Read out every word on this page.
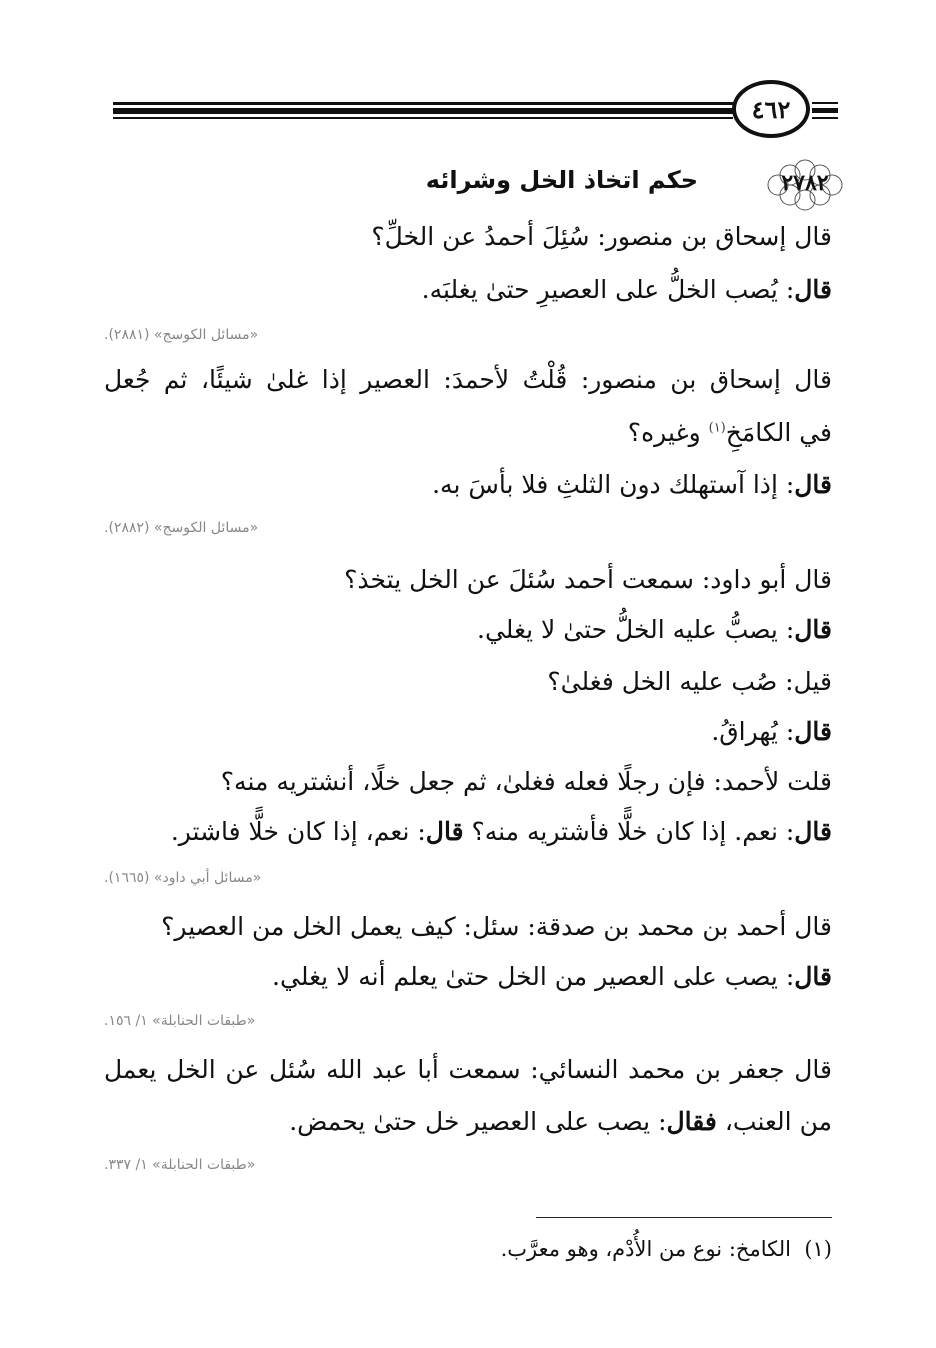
٤٦٢
٢٧٨٢
حكم اتخاذ الخل وشرائه
قال إسحاق بن منصور: سُئِلَ أحمدُ عن الخلِّ؟
قال: يُصب الخلُّ على العصيرِ حتىٰ يغلبَه.
«مسائل الكوسج» (٢٨٨١).
قال إسحاق بن منصور: قُلْتُ لأحمدَ: العصير إذا غلىٰ شيئًا، ثم جُعل
في الكامَخِ$^{(١)}$ وغيره؟
قال: إذا آستهلك دون الثلثِ فلا بأسَ به.
«مسائل الكوسج» (٢٨٨٢).
قال أبو داود: سمعت أحمد سُئلَ عن الخل يتخذ؟
قال: يصبُّ عليه الخلُّ حتىٰ لا يغلي.
قيل: صُب عليه الخل فغلىٰ؟
قال: يُهراقُ.
قلت لأحمد: فإن رجلًا فعله فغلىٰ، ثم جعل خلًا، أنشتريه منه؟
قال: نعم. إذا كان خلًّا فأشتريه منه؟ قال: نعم، إذا كان خلًّا فاشتر.
«مسائل أبي داود» (١٦٦٥).
قال أحمد بن محمد بن صدقة: سئل: كيف يعمل الخل من العصير؟
قال: يصب على العصير من الخل حتىٰ يعلم أنه لا يغلي.
«طبقات الحنابلة» ١/ ١٥٦.
قال جعفر بن محمد النسائي: سمعت أبا عبد الله سُئل عن الخل يعمل
من العنب، فقال: يصب على العصير خل حتىٰ يحمض.
«طبقات الحنابلة» ١/ ٣٣٧.
(١)  الكامخ: نوع من الأُدْم، وهو معرَّب.
